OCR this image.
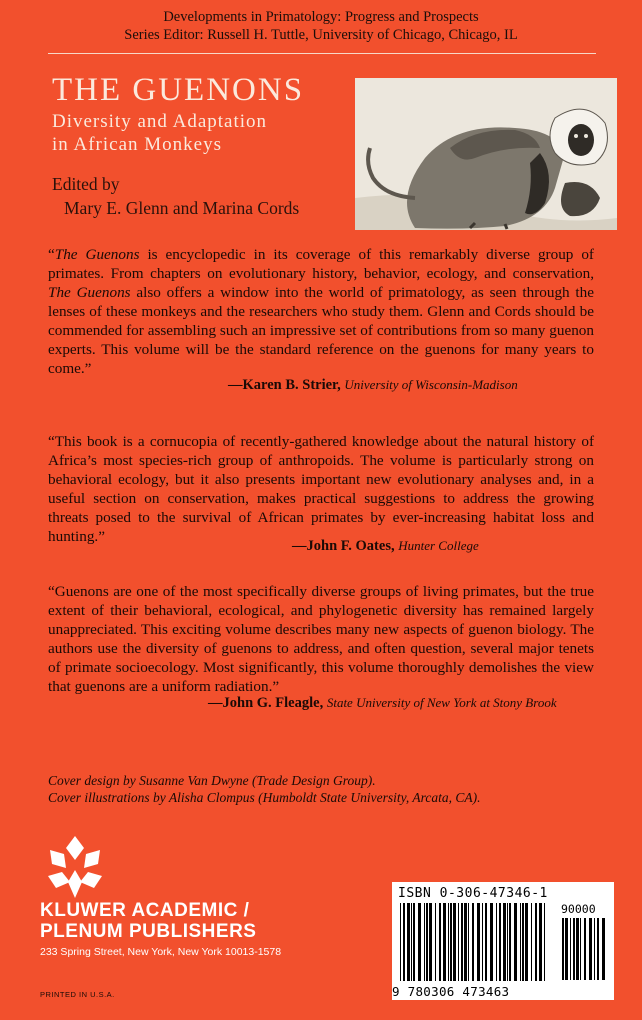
Developments in Primatology: Progress and Prospects
Series Editor: Russell H. Tuttle, University of Chicago, Chicago, IL
THE GUENONS
Diversity and Adaptation
in African Monkeys
Edited by
Mary E. Glenn and Marina Cords
“The Guenons is encyclopedic in its coverage of this remarkably diverse group of primates. From chapters on evolutionary history, behavior, ecology, and conservation, The Guenons also offers a window into the world of primatology, as seen through the lenses of these monkeys and the researchers who study them. Glenn and Cords should be commended for assembling such an impressive set of contributions from so many guenon experts. This volume will be the standard reference on the guenons for many years to come.”
—Karen B. Strier, University of Wisconsin-Madison
“This book is a cornucopia of recently-gathered knowledge about the natural history of Africa’s most species-rich group of anthropoids. The volume is particularly strong on behavioral ecology, but it also presents important new evolutionary analyses and, in a useful section on conservation, makes practical suggestions to address the growing threats posed to the survival of African primates by ever-increasing habitat loss and hunting.”
—John F. Oates, Hunter College
“Guenons are one of the most specifically diverse groups of living primates, but the true extent of their behavioral, ecological, and phylogenetic diversity has remained largely unappreciated. This exciting volume describes many new aspects of guenon biology. The authors use the diversity of guenons to address, and often question, several major tenets of primate socioecology. Most significantly, this volume thoroughly demolishes the view that guenons are a uniform radiation.”
—John G. Fleagle, State University of New York at Stony Brook
Cover design by Susanne Van Dwyne (Trade Design Group).
Cover illustrations by Alisha Clompus (Humboldt State University, Arcata, CA).
KLUWER ACADEMIC /
PLENUM PUBLISHERS
233 Spring Street, New York, New York 10013-1578
PRINTED IN U.S.A.
ISBN 0-306-47346-1
90000
9 780306 473463
